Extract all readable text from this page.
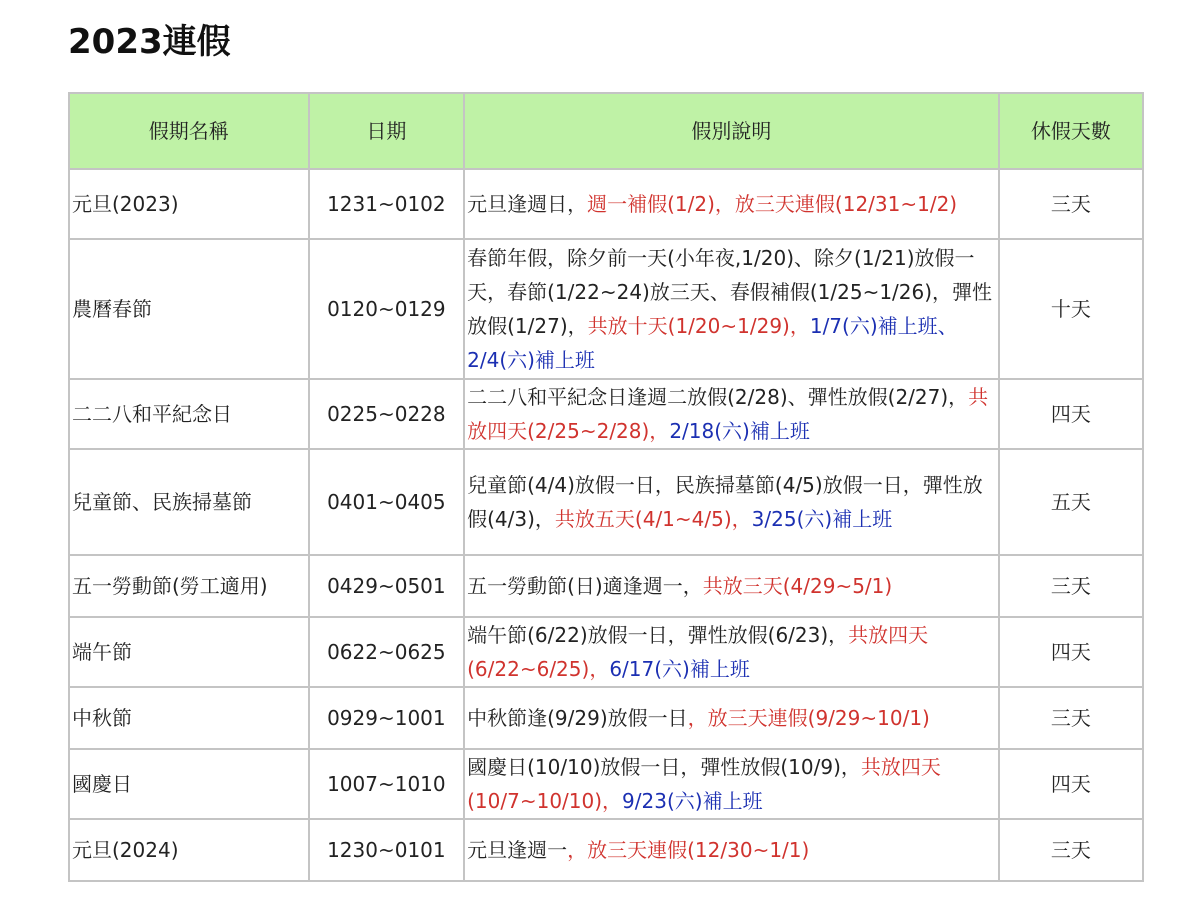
2023連假
假期名稱	日期	假別說明	休假天數
元旦(2023)	1231~0102	元旦逢週日，週一補假(1/2)，放三天連假(12/31~1/2)	三天
農曆春節	0120~0129	春節年假，除夕前一天(小年夜,1/20)、除夕(1/21)放假一天，春節(1/22~24)放三天、春假補假(1/25~1/26)，彈性放假(1/27)，共放十天(1/20~1/29)，1/7(六)補上班、2/4(六)補上班	十天
二二八和平紀念日	0225~0228	二二八和平紀念日逢週二放假(2/28)、彈性放假(2/27)，共放四天(2/25~2/28)，2/18(六)補上班	四天
兒童節、民族掃墓節	0401~0405	兒童節(4/4)放假一日，民族掃墓節(4/5)放假一日，彈性放假(4/3)，共放五天(4/1~4/5)，3/25(六)補上班	五天
五一勞動節(勞工適用)	0429~0501	五一勞動節(日)適逢週一，共放三天(4/29~5/1)	三天
端午節	0622~0625	端午節(6/22)放假一日，彈性放假(6/23)，共放四天(6/22~6/25)，6/17(六)補上班	四天
中秋節	0929~1001	中秋節逢(9/29)放假一日，放三天連假(9/29~10/1)	三天
國慶日	1007~1010	國慶日(10/10)放假一日，彈性放假(10/9)，共放四天(10/7~10/10)，9/23(六)補上班	四天
元旦(2024)	1230~0101	元旦逢週一，放三天連假(12/30~1/1)	三天
